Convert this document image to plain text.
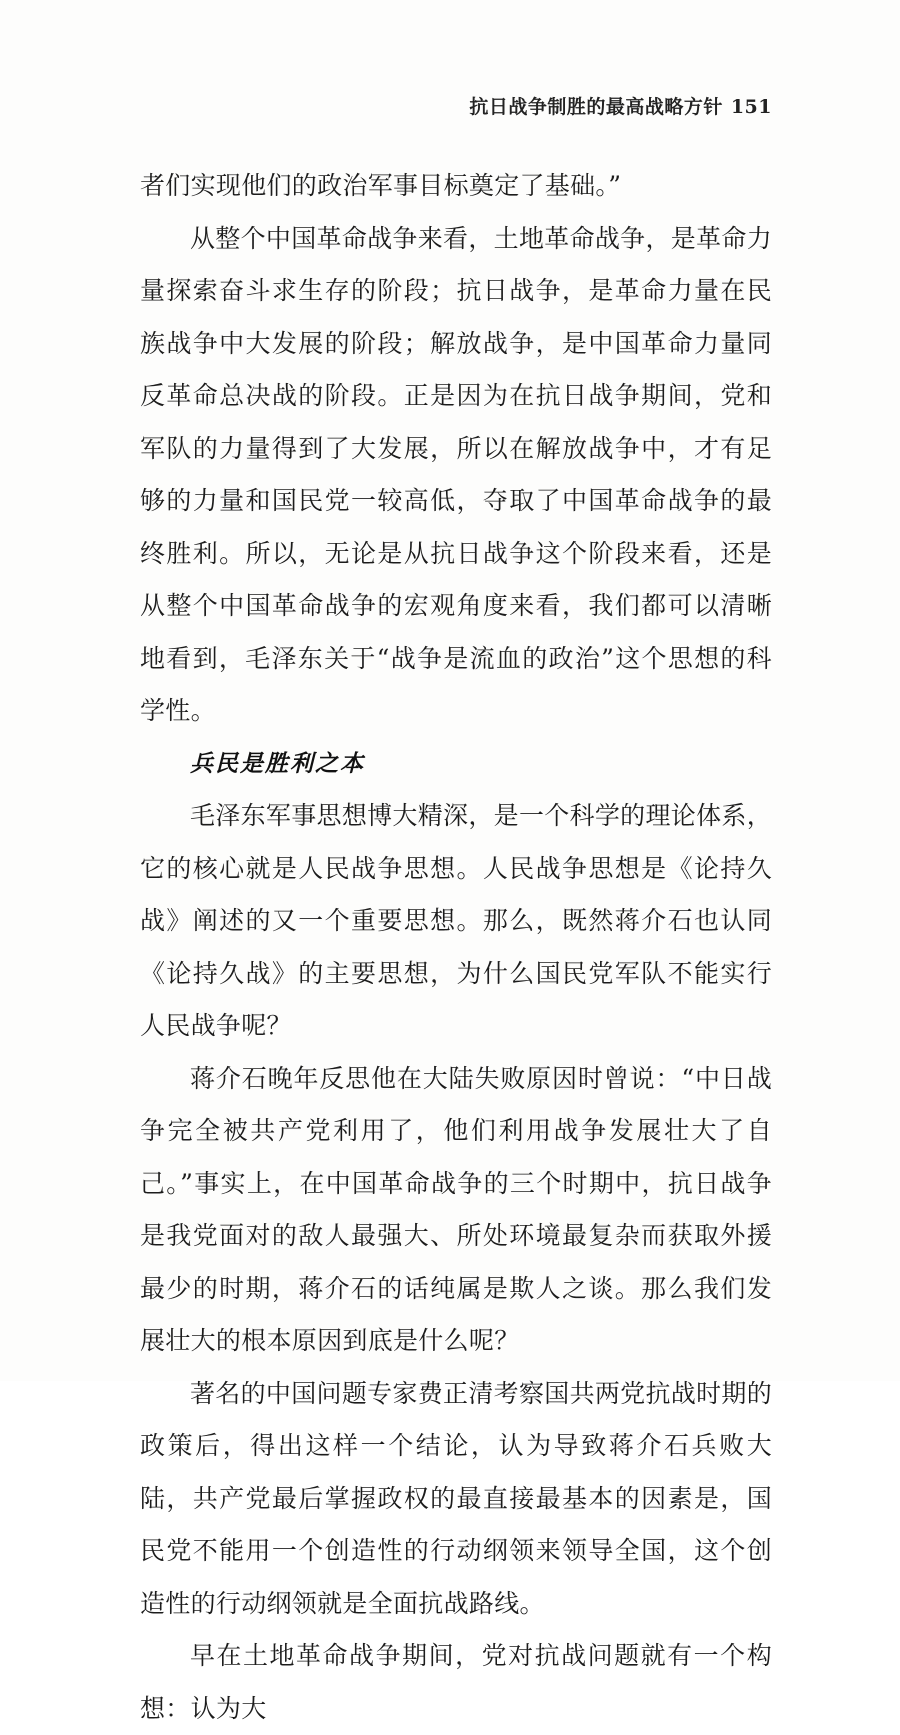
抗日战争制胜的最高战略方针 151

者们实现他们的政治军事目标奠定了基础。”

从整个中国革命战争来看，土地革命战争，是革命力量探索奋斗求生存的阶段；抗日战争，是革命力量在民族战争中大发展的阶段；解放战争，是中国革命力量同反革命总决战的阶段。正是因为在抗日战争期间，党和军队的力量得到了大发展，所以在解放战争中，才有足够的力量和国民党一较高低，夺取了中国革命战争的最终胜利。所以，无论是从抗日战争这个阶段来看，还是从整个中国革命战争的宏观角度来看，我们都可以清晰地看到，毛泽东关于“战争是流血的政治”这个思想的科学性。

兵民是胜利之本

毛泽东军事思想博大精深，是一个科学的理论体系，它的核心就是人民战争思想。人民战争思想是《论持久战》阐述的又一个重要思想。那么，既然蒋介石也认同《论持久战》的主要思想，为什么国民党军队不能实行人民战争呢？

蒋介石晚年反思他在大陆失败原因时曾说：“中日战争完全被共产党利用了，他们利用战争发展壮大了自己。”事实上，在中国革命战争的三个时期中，抗日战争是我党面对的敌人最强大、所处环境最复杂而获取外援最少的时期，蒋介石的话纯属是欺人之谈。那么我们发展壮大的根本原因到底是什么呢？

著名的中国问题专家费正清考察国共两党抗战时期的政策后，得出这样一个结论，认为导致蒋介石兵败大陆，共产党最后掌握政权的最直接最基本的因素是，国民党不能用一个创造性的行动纲领来领导全国，这个创造性的行动纲领就是全面抗战路线。

早在土地革命战争期间，党对抗战问题就有一个构想：认为大
